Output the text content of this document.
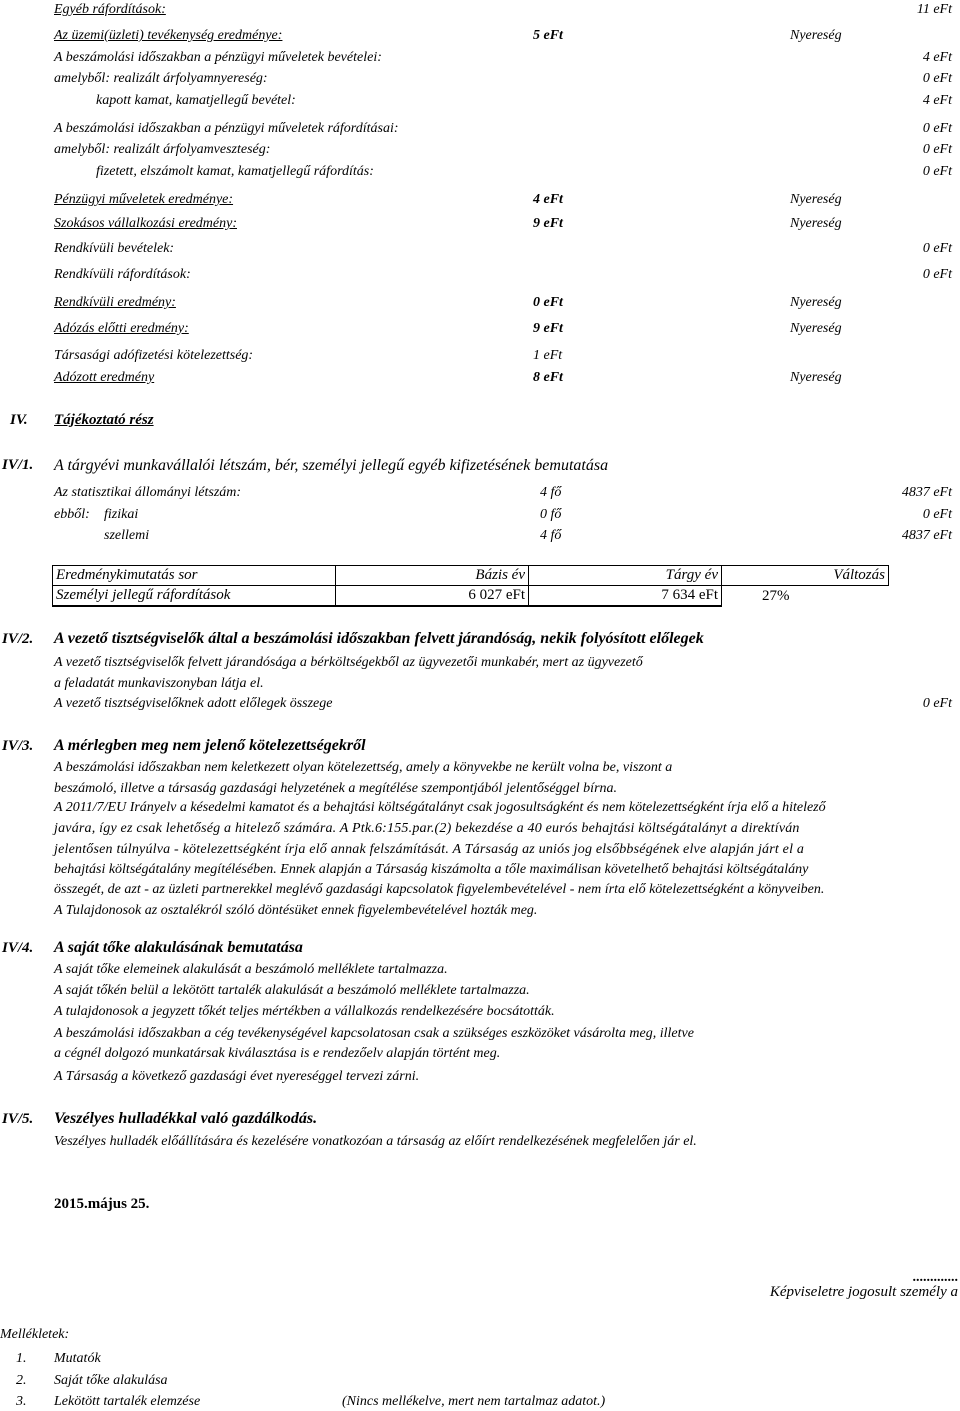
Egyéb ráfordítások:	11 eFt
Az üzemi(üzleti) tevékenység eredménye:	5 eFt	Nyereség
A beszámolási időszakban a pénzügyi műveletek bevételei:	4 eFt
amelyből: realizált árfolyamnyereség:	0 eFt
kapott kamat, kamatjellegű bevétel:	4 eFt
A beszámolási időszakban a pénzügyi műveletek ráfordításai:	0 eFt
amelyből: realizált árfolyamveszteség:	0 eFt
fizetett, elszámolt kamat, kamatjellegű ráfordítás:	0 eFt
Pénzügyi műveletek eredménye:	4 eFt	Nyereség
Szokásos vállalkozási eredmény:	9 eFt	Nyereség
Rendkívüli bevételek:	0 eFt
Rendkívüli ráfordítások:	0 eFt
Rendkívüli eredmény:	0 eFt	Nyereség
Adózás előtti eredmény:	9 eFt	Nyereség
Társasági adófizetési kötelezettség:	1 eFt
Adózott eredmény	8 eFt	Nyereség
IV. Tájékoztató rész
IV/1. A tárgyévi munkavállalói létszám, bér, személyi jellegű egyéb kifizetésének bemutatása
Az statisztikai állományi létszám:	4 fő	4837 eFt
ebből: fizikai	0 fő	0 eFt
szellemi	4 fő	4837 eFt
Eredménykimutatás sor	Bázis év	Tárgy év	Változás
Személyi jellegű ráfordítások	6 027 eFt	7 634 eFt	27%
IV/2. A vezető tisztségviselők által a beszámolási időszakban felvett járandóság, nekik folyósított előlegek
A vezető tisztségviselők felvett járandósága a bérköltségekből az ügyvezetői munkabér, mert az ügyvezető
a feladatát munkaviszonyban látja el.
A vezető tisztségviselőknek adott előlegek összege	0 eFt
IV/3. A mérlegben meg nem jelenő kötelezettségekről
A beszámolási időszakban nem keletkezett olyan kötelezettség, amely a könyvekbe ne került volna be, viszont a
beszámoló, illetve a társaság gazdasági helyzetének a megítélése szempontjából jelentőséggel bírna.
A 2011/7/EU Irányelv a késedelmi kamatot és a behajtási költségátalányt csak jogosultságként és nem kötelezettségként írja elő a hitelező
javára, így ez csak lehetőség a hitelező számára. A Ptk.6:155.par.(2) bekezdése a 40 eurós behajtási költségátalányt a direktíván
jelentősen túlnyúlva - kötelezettségként írja elő annak felszámítását. A Társaság az uniós jog elsőbbségének elve alapján járt el a
behajtási költségátalány megítélésében. Ennek alapján a Társaság kiszámolta a tőle maximálisan követelhető behajtási költségátalány
összegét, de azt - az üzleti partnerekkel meglévő gazdasági kapcsolatok figyelembevételével - nem írta elő kötelezettségként a könyveiben.
A Tulajdonosok az osztalékról szóló döntésüket ennek figyelembevételével hozták meg.
IV/4. A saját tőke alakulásának bemutatása
A saját tőke elemeinek alakulását a beszámoló melléklete tartalmazza.
A saját tőkén belül a lekötött tartalék alakulását a beszámoló melléklete tartalmazza.
A tulajdonosok a jegyzett tőkét teljes mértékben a vállalkozás rendelkezésére bocsátották.
A beszámolási időszakban a cég tevékenységével kapcsolatosan csak a szükséges eszközöket vásárolta meg, illetve
a cégnél dolgozó munkatársak kiválasztása is e rendezőelv alapján történt meg.
A Társaság a következő gazdasági évet nyereséggel tervezi zárni.
IV/5. Veszélyes hulladékkal való gazdálkodás.
Veszélyes hulladék előállítására és kezelésére vonatkozóan a társaság az előírt rendelkezésének megfelelően jár el.
2015.május 25.
.............
Képviseletre jogosult személy a
Mellékletek:
1. Mutatók
2. Saját tőke alakulása
3. Lekötött tartalék elemzése	(Nincs mellékelve, mert nem tartalmaz adatot.)
